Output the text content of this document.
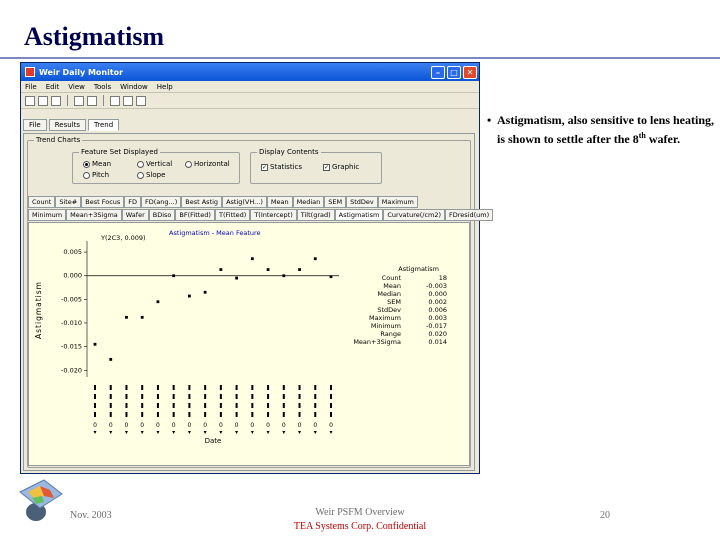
Astigmatism
Weir Daily Monitor	–	□	✕
File Edit View Tools Window Help
File	Results	Trend
Trend Charts
Feature Set Displayed
Mean	Vertical	Horizontal
Pitch	Slope
Display Contents
✓ Statistics	✓ Graphic
Count	Site#	Best Focus	FD	FD(ang...)	Best Astig	Astig(VH...)	Mean	Median	SEM	StdDev	Maximum
Minimum	Mean+3Sigma	Wafer	BDiso	BF(Fitted)	T(Fitted)	T(Intercept)	Tilt(grad)	Astigmatism	Curvature(/cm2)	FDresid(um)
0.005
0.000
-0.005
-0.010
-0.015
-0.020
Astigmatism
Y(2C3, 0.009)
Astigmatism - Mean Feature
0 0 0 0 0 0 0 0 0 0 0 0 0 0 0 0
Date
Astigmatism
Count	18
Mean	-0.003
Median	0.000
SEM	0.002
StdDev	0.006
Maximum	0.003
Minimum	-0.017
Range	0.020
Mean+3Sigma	0.014
• Astigmatism, also sensitive to lens heating, is shown to settle after the 8th wafer.
Nov. 2003	Weir PSFM Overview
TEA Systems Corp. Confidential
20
